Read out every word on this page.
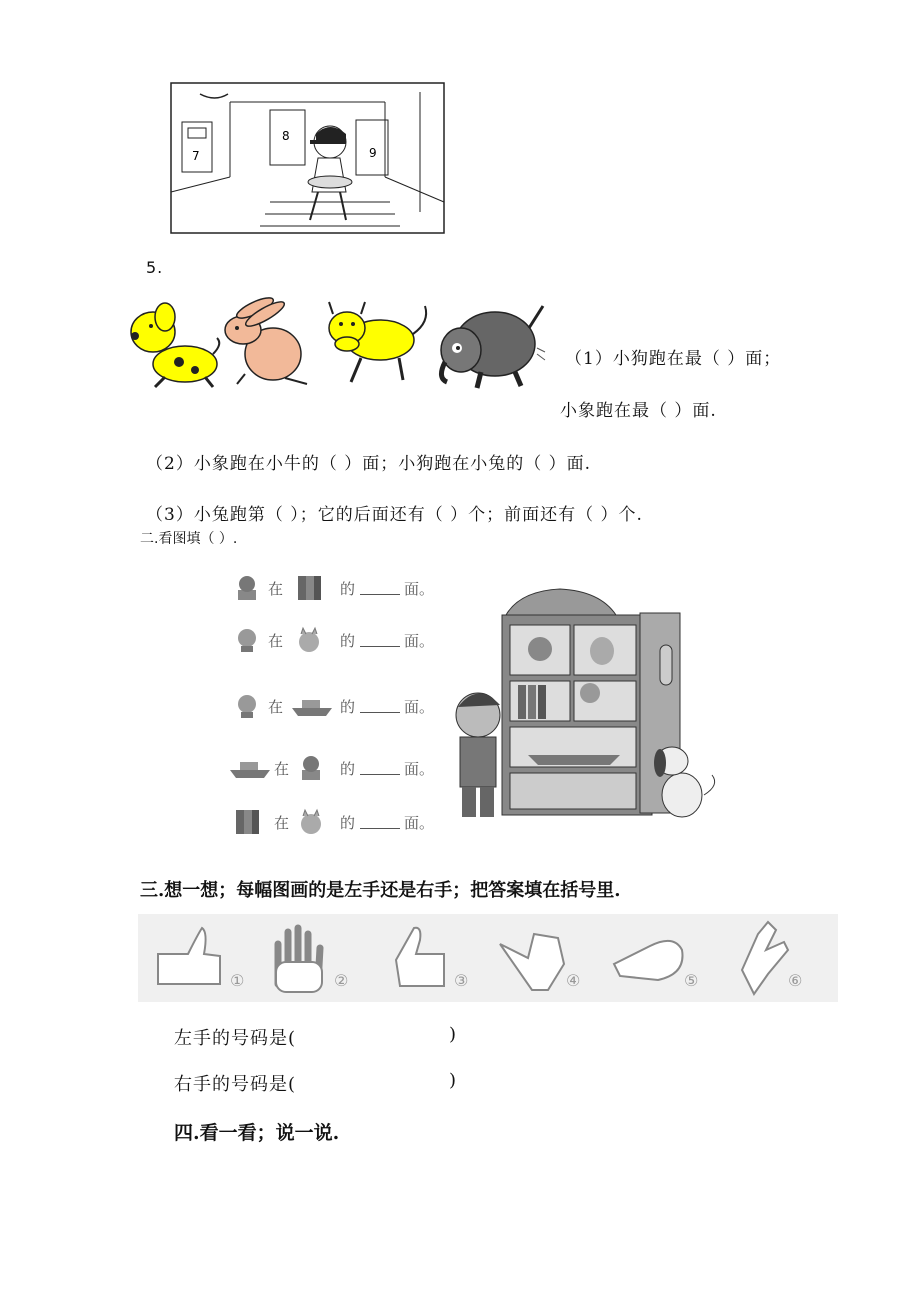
7
8
9
5.
（1）小狗跑在最（ ）面；
小象跑在最（ ）面.
（2）小象跑在小牛的（ ）面；小狗跑在小兔的（ ）面.
（3）小兔跑第（ ）；它的后面还有（ ）个；前面还有（ ）个.
二.看图填（ ）.
在	的	面。
在	的	面。
在	的	面。
在	的	面。
在	的	面。
三.想一想；每幅图画的是左手还是右手；把答案填在括号里.
①	②	③	④	⑤	⑥
左手的号码是(	)
右手的号码是(	)
四.看一看；说一说.
